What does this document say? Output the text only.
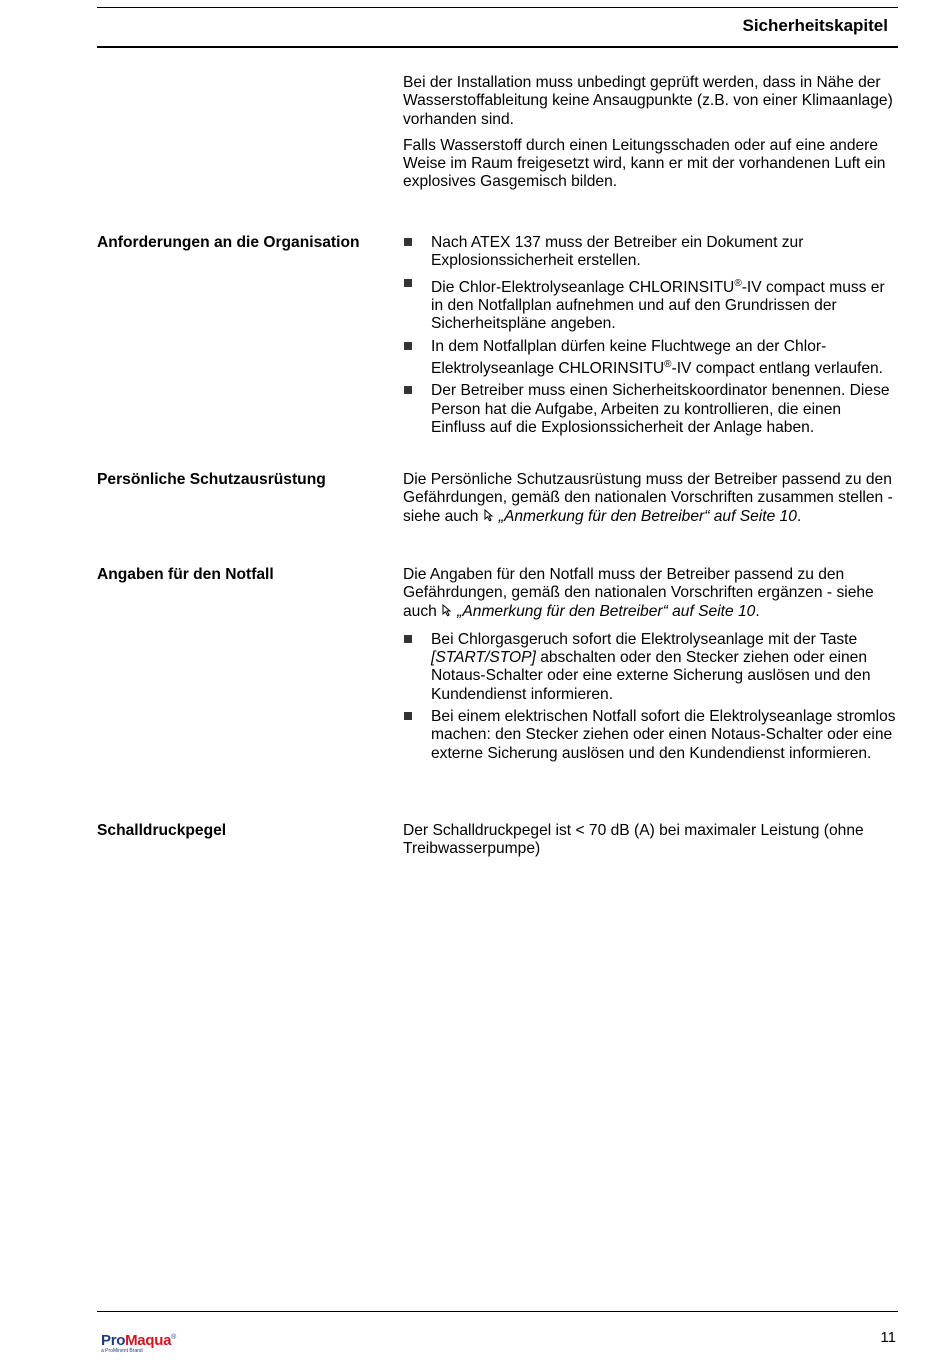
Sicherheitskapitel

Bei der Installation muss unbedingt geprüft werden, dass in Nähe der Wasserstoffableitung keine Ansaugpunkte (z.B. von einer Klimaanlage) vorhanden sind.

Falls Wasserstoff durch einen Leitungsschaden oder auf eine andere Weise im Raum freigesetzt wird, kann er mit der vorhandenen Luft ein explosives Gasgemisch bilden.

Anforderungen an die Organisation	Nach ATEX 137 muss der Betreiber ein Dokument zur Explosionssicherheit erstellen.
Die Chlor-Elektrolyseanlage CHLORINSITU®-IV compact muss er in den Notfallplan aufnehmen und auf den Grundrissen der Sicherheitspläne angeben.
In dem Notfallplan dürfen keine Fluchtwege an der Chlor-Elektrolyseanlage CHLORINSITU®-IV compact entlang verlaufen.
Der Betreiber muss einen Sicherheitskoordinator benennen. Diese Person hat die Aufgabe, Arbeiten zu kontrollieren, die einen Einfluss auf die Explosionssicherheit der Anlage haben.
Persönliche Schutzausrüstung	Die Persönliche Schutzausrüstung muss der Betreiber passend zu den Gefährdungen, gemäß den nationalen Vorschriften zusammen stellen - siehe auch „Anmerkung für den Betreiber“ auf Seite 10.

Angaben für den Notfall	Die Angaben für den Notfall muss der Betreiber passend zu den Gefährdungen, gemäß den nationalen Vorschriften ergänzen - siehe auch „Anmerkung für den Betreiber“ auf Seite 10.

Bei Chlorgasgeruch sofort die Elektrolyseanlage mit der Taste [START/STOP] abschalten oder den Stecker ziehen oder einen Notaus-Schalter oder eine externe Sicherung auslösen und den Kundendienst informieren.
Bei einem elektrischen Notfall sofort die Elektrolyseanlage stromlos machen: den Stecker ziehen oder einen Notaus-Schalter oder eine externe Sicherung auslösen und den Kundendienst informieren.
Schalldruckpegel	Der Schalldruckpegel ist < 70 dB (A) bei maximaler Leistung (ohne Treibwasserpumpe)

ProMaqua®
a ProMinent Brand
11
